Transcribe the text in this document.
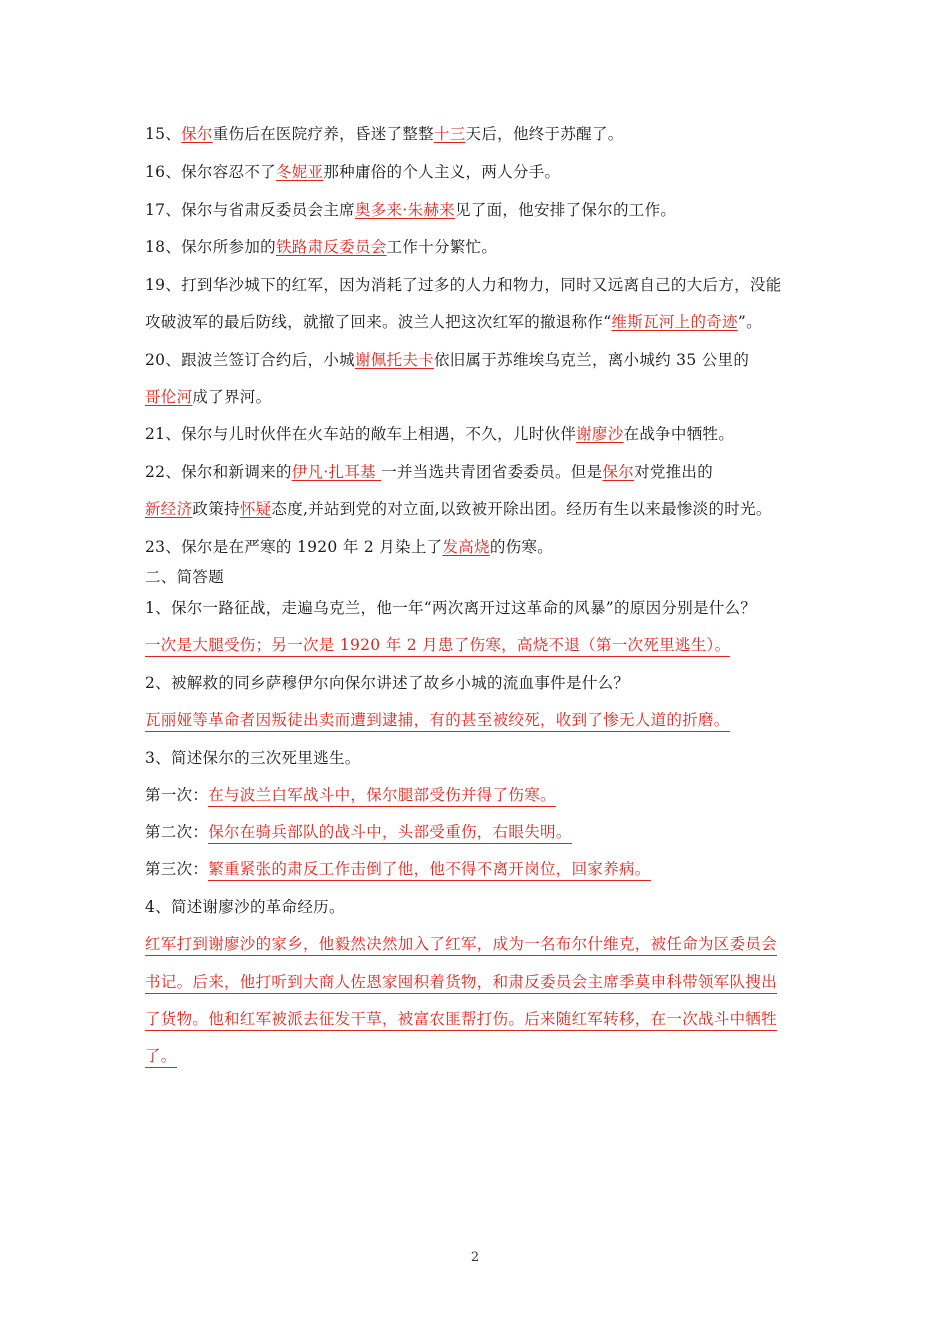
15、保尔重伤后在医院疗养，昏迷了整整十三天后，他终于苏醒了。
16、保尔容忍不了冬妮亚那种庸俗的个人主义，两人分手。
17、保尔与省肃反委员会主席奥多来·朱赫来见了面，他安排了保尔的工作。
18、保尔所参加的铁路肃反委员会工作十分繁忙。
19、打到华沙城下的红军，因为消耗了过多的人力和物力，同时又远离自己的大后方，没能
攻破波军的最后防线，就撤了回来。波兰人把这次红军的撤退称作“维斯瓦河上的奇迹”。
20、跟波兰签订合约后，小城谢佩托夫卡依旧属于苏维埃乌克兰，离小城约 35 公里的
哥伦河成了界河。
21、保尔与儿时伙伴在火车站的敞车上相遇，不久，儿时伙伴谢廖沙在战争中牺牲。
22、保尔和新调来的伊凡·扎耳基 一并当选共青团省委委员。但是保尔对党推出的
新经济政策持怀疑态度,并站到党的对立面,以致被开除出团。经历有生以来最惨淡的时光。
23、保尔是在严寒的 1920 年 2 月染上了发高烧的伤寒。
二、简答题
1、保尔一路征战，走遍乌克兰，他一年“两次离开过这革命的风暴”的原因分别是什么？
一次是大腿受伤；另一次是 1920 年 2 月患了伤寒，高烧不退（第一次死里逃生）。
2、被解救的同乡萨穆伊尔向保尔讲述了故乡小城的流血事件是什么？
瓦丽娅等革命者因叛徒出卖而遭到逮捕，有的甚至被绞死，收到了惨无人道的折磨。
3、简述保尔的三次死里逃生。
第一次：在与波兰白军战斗中，保尔腿部受伤并得了伤寒。
第二次：保尔在骑兵部队的战斗中，头部受重伤，右眼失明。
第三次：繁重紧张的肃反工作击倒了他，他不得不离开岗位，回家养病。
4、简述谢廖沙的革命经历。
红军打到谢廖沙的家乡，他毅然决然加入了红军，成为一名布尔什维克，被任命为区委员会
书记。后来，他打听到大商人佐恩家囤积着货物，和肃反委员会主席季莫申科带领军队搜出
了货物。他和红军被派去征发干草，被富农匪帮打伤。后来随红军转移，在一次战斗中牺牲
了。
2
